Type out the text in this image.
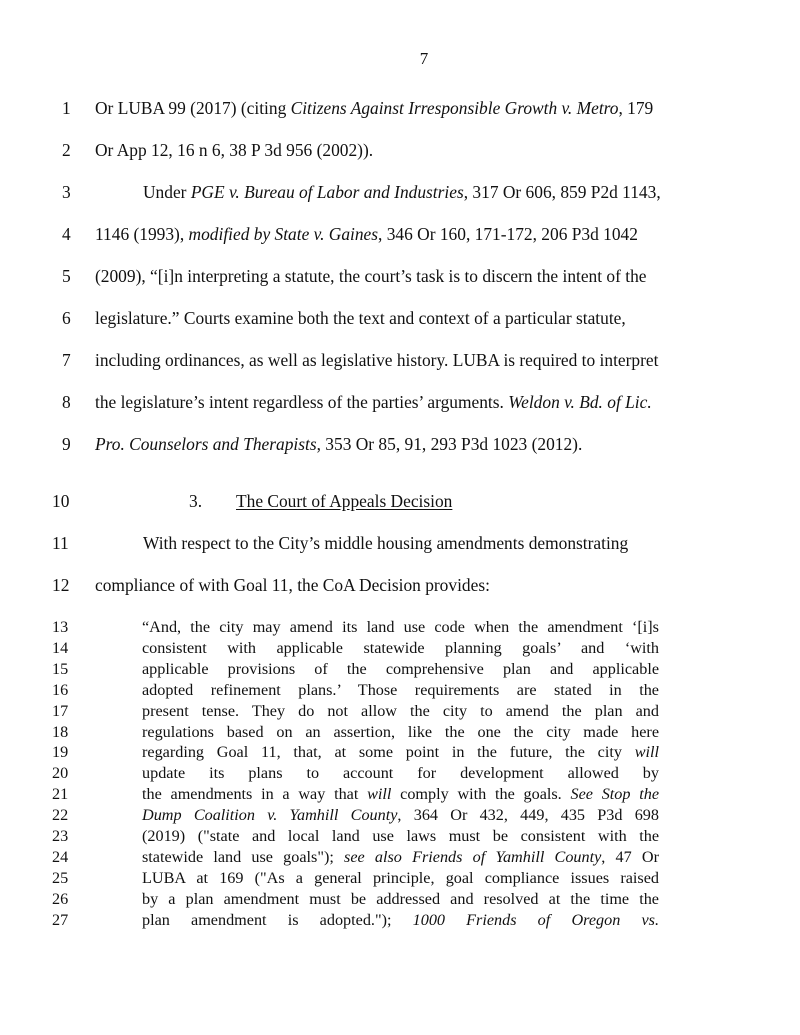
7
1	Or LUBA 99 (2017) (citing Citizens Against Irresponsible Growth v. Metro, 179
2	Or App 12, 16 n 6, 38 P 3d 956 (2002)).
3	Under PGE v. Bureau of Labor and Industries, 317 Or 606, 859 P2d 1143,
4	1146 (1993), modified by State v. Gaines, 346 Or 160, 171-172, 206 P3d 1042
5	(2009), “[i]n interpreting a statute, the court’s task is to discern the intent of the
6	legislature.” Courts examine both the text and context of a particular statute,
7	including ordinances, as well as legislative history. LUBA is required to interpret
8	the legislature’s intent regardless of the parties’ arguments. Weldon v. Bd. of Lic.
9	Pro. Counselors and Therapists, 353 Or 85, 91, 293 P3d 1023 (2012).
10	3. The Court of Appeals Decision
11	With respect to the City’s middle housing amendments demonstrating
12 compliance of with Goal 11, the CoA Decision provides:
13	“And, the city may amend its land use code when the amendment ‘[i]s
14	consistent with applicable statewide planning goals’ and ‘with
15	applicable provisions of the comprehensive plan and applicable
16	adopted refinement plans.’ Those requirements are stated in the
17	present tense. They do not allow the city to amend the plan and
18	regulations based on an assertion, like the one the city made here
19	regarding Goal 11, that, at some point in the future, the city will
20	update its plans to account for development allowed by
21	the amendments in a way that will comply with the goals. See Stop the
22	Dump Coalition v. Yamhill County, 364 Or 432, 449, 435 P3d 698
23	(2019) ("state and local land use laws must be consistent with the
24	statewide land use goals"); see also Friends of Yamhill County, 47 Or
25	LUBA at 169 ("As a general principle, goal compliance issues raised
26	by a plan amendment must be addressed and resolved at the time the
27	plan amendment is adopted."); 1000 Friends of Oregon vs.
